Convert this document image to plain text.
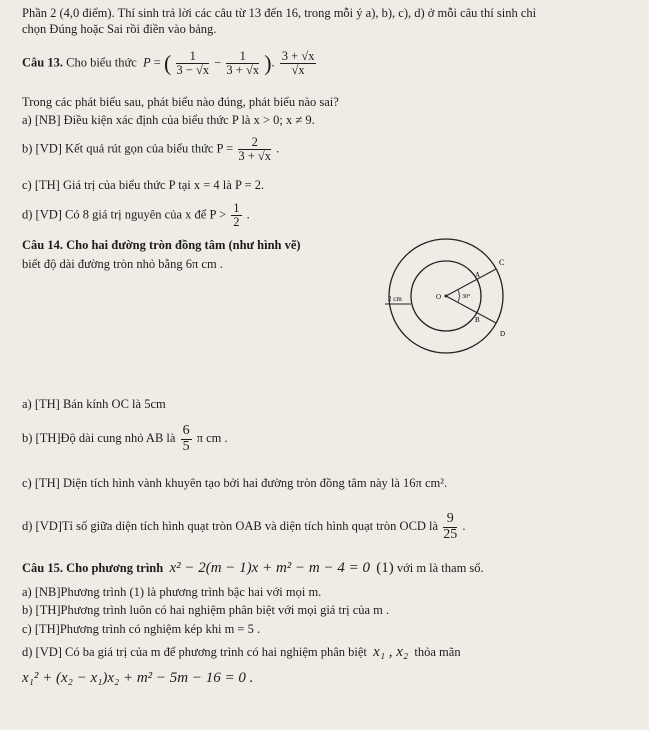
Phần 2 (4,0 điểm). Thí sinh trả lời các câu từ 13 đến 16, trong mỗi ý a), b), c), d) ở mỗi câu thí sinh chỉ
chọn Đúng hoặc Sai rồi điền vào bảng.
Câu 13. Cho biểu thức P = ( $\frac{1}{3 - √x} - \frac{1}{3 + √x}$ ). $\frac{3 + √x}{√x}$
Trong các phát biểu sau, phát biểu nào đúng, phát biểu nào sai?
a) [NB] Điều kiện xác định của biểu thức P là x > 0; x ≠ 9.
b) [VD] Kết quả rút gọn của biểu thức $P = \frac{2}{3 + √x}$ .
c) [TH] Giá trị của biểu thức P tại x = 4 là P = 2.
d) [VD] Có 8 giá trị nguyên của x để $P > \frac{1}{2}$ .
Câu 14. Cho hai đường tròn đồng tâm (như hình vẽ)
biết độ dài đường tròn nhỏ bằng 6π cm .	C
A
O
B
D
2 cm	30°
a) [TH] Bán kính OC là 5cm
b) [TH]Độ dài cung nhỏ AB là $\frac{6}{5}$ π cm .
c) [TH] Diện tích hình vành khuyên tạo bởi hai đường tròn đồng tâm này là 16π cm².
d) [VD]Tỉ số giữa diện tích hình quạt tròn OAB và diện tích hình quạt tròn OCD là $\frac{9}{25}$ .
Câu 15. Cho phương trình x² − 2(m − 1)x + m² − m − 4 = 0 (1) với m là tham số.
a) [NB]Phương trình (1) là phương trình bậc hai với mọi m.
b) [TH]Phương trình luôn có hai nghiệm phân biệt với mọi giá trị của m .
c) [TH]Phương trình có nghiệm kép khi m = 5 .
d) [VD] Có ba giá trị của m để phương trình có hai nghiệm phân biệt x₁ , x₂ thỏa mãn
x₁² + (x₂ − x₁)x₂ + m² − 5m − 16 = 0 .
